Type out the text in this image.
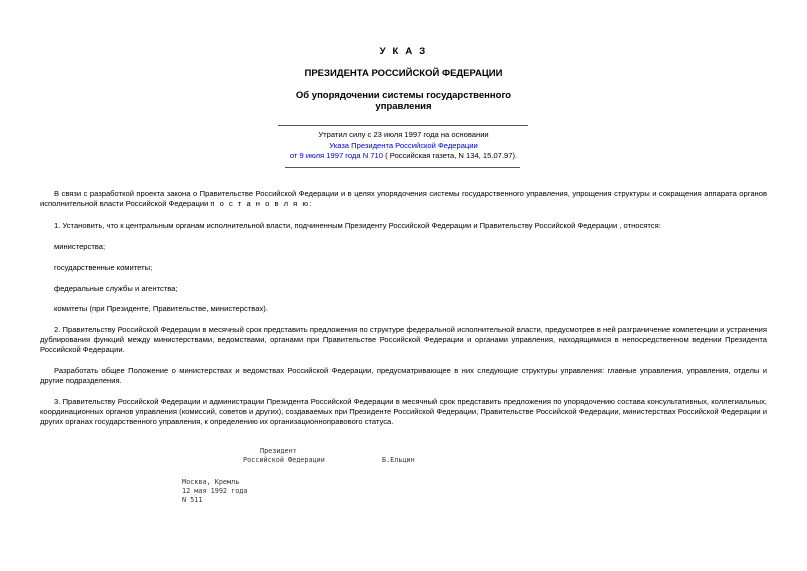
У К А З
ПРЕЗИДЕНТА РОССИЙСКОЙ ФЕДЕРАЦИИ
Об упорядочении системы государственного
управления
Утратил силу с 23 июля 1997 года на основании
Указа Президента Российской Федерации
от 9 июля 1997 года N 710 ( Российская газета, N 134, 15.07.97).
В связи с разработкой проекта закона о Правительстве Российской Федерации и в целях упорядочения системы государственного управления, упрощения структуры и сокращения аппарата органов исполнительной власти Российской Федерации п о с т а н о в л я ю:
1. Установить, что к центральным органам исполнительной власти, подчиненным Президенту Российской Федерации и Правительству Российской Федерации , относятся:
министерства;
государственные комитеты;
федеральные службы и агентства;
комитеты (при Президенте, Правительстве, министерствах).
2. Правительству Российской Федерации в месячный срок представить предложения по структуре федеральной исполнительной власти, предусмотрев в ней разграничение компетенции и устранения дублирования функций между министерствами, ведомствами, органами при Правительстве Российской Федерации и органами управления, находящимися в непосредственном ведении Президента Российской Федерации.
Разработать общее Положение о министерствах и ведомствах Российской Федерации, предусматривающее в них следующие структуры управления: главные управления, управления, отделы и другие подразделения.
3. Правительству Российской Федерации и администрации Президента Российской Федерации в месячный срок представить предложения по упорядочению состава консультативных, коллегиальных, координационных органов управления (комиссий, советов и других), создаваемых при Президенте Российской Федерации, Правительстве Российской Федерации, министерствах Российской Федерации и других органах государственного управления, к определению их организационноправового статуса.
Президент
Российской Федерации	Б.Ельцин
Москва, Кремль
12 мая 1992 года
N 511
